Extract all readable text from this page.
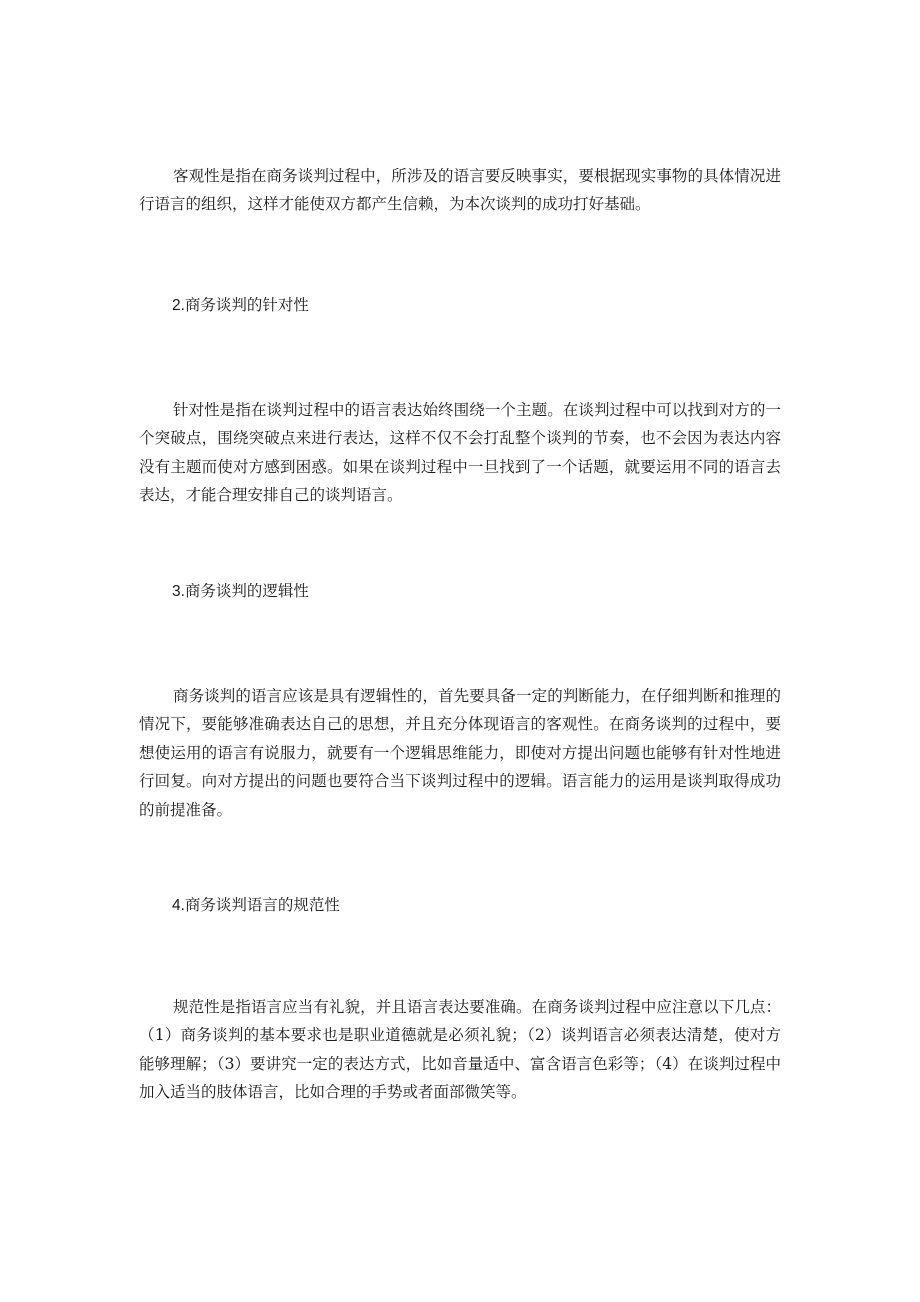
客观性是指在商务谈判过程中，所涉及的语言要反映事实，要根据现实事物的具体情况进行语言的组织，这样才能使双方都产生信赖，为本次谈判的成功打好基础。

2.商务谈判的针对性

针对性是指在谈判过程中的语言表达始终围绕一个主题。在谈判过程中可以找到对方的一个突破点，围绕突破点来进行表达，这样不仅不会打乱整个谈判的节奏，也不会因为表达内容没有主题而使对方感到困惑。如果在谈判过程中一旦找到了一个话题，就要运用不同的语言去表达，才能合理安排自己的谈判语言。

3.商务谈判的逻辑性

商务谈判的语言应该是具有逻辑性的，首先要具备一定的判断能力，在仔细判断和推理的情况下，要能够准确表达自己的思想，并且充分体现语言的客观性。在商务谈判的过程中，要想使运用的语言有说服力，就要有一个逻辑思维能力，即使对方提出问题也能够有针对性地进行回复。向对方提出的问题也要符合当下谈判过程中的逻辑。语言能力的运用是谈判取得成功的前提准备。

4.商务谈判语言的规范性

规范性是指语言应当有礼貌，并且语言表达要准确。在商务谈判过程中应注意以下几点：（1）商务谈判的基本要求也是职业道德就是必须礼貌；（2）谈判语言必须表达清楚，使对方能够理解；（3）要讲究一定的表达方式，比如音量适中、富含语言色彩等；（4）在谈判过程中加入适当的肢体语言，比如合理的手势或者面部微笑等。
